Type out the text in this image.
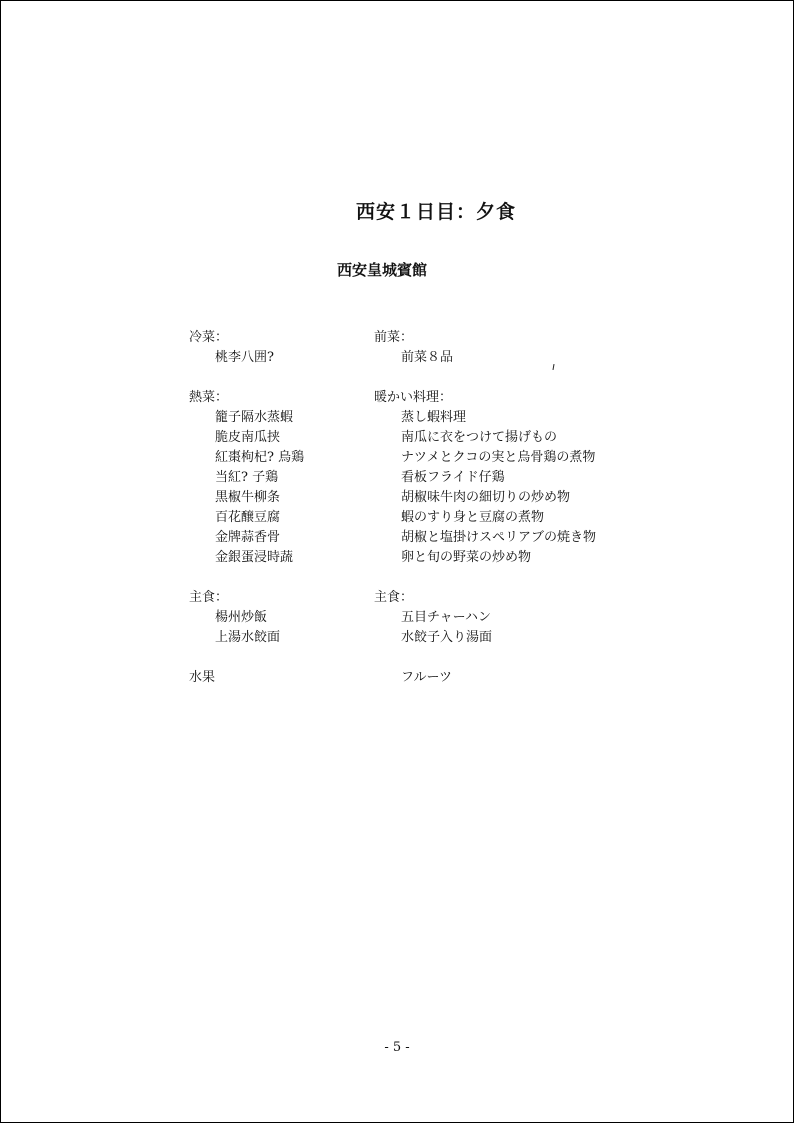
西安１日目：夕食
西安皇城賓館
冷菜：
桃李八囲?
熱菜：
籠子隔水蒸蝦
脆皮南瓜挟
紅棗枸杞? 烏鶏
当紅? 子鶏
黒椒牛柳条
百花醸豆腐
金牌蒜香骨
金銀蛋浸時蔬
主食：
楊州炒飯
上湯水餃面
水果
前菜：
前菜８品
暖かい料理：
蒸し蝦料理
南瓜に衣をつけて揚げもの
ナツメとクコの実と烏骨鶏の煮物
看板フライド仔鶏
胡椒味牛肉の細切りの炒め物
蝦のすり身と豆腐の煮物
胡椒と塩掛けスペリアブの焼き物
卵と旬の野菜の炒め物
主食：
五目チャーハン
水餃子入り湯面
フルーツ
- 5 -
